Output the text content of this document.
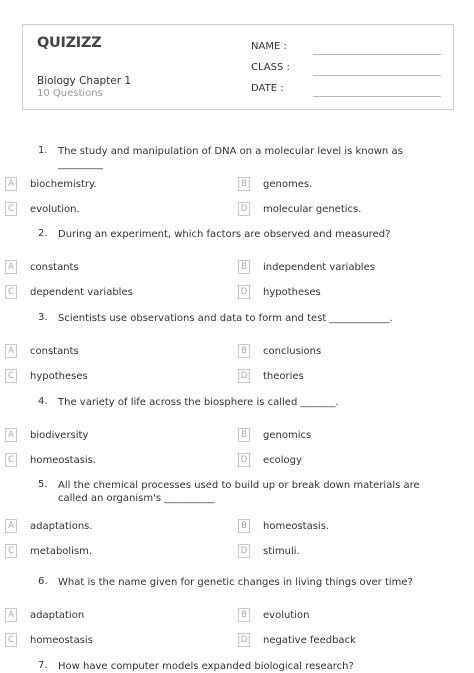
QUIZIZZ
Biology Chapter 1
10 Questions
NAME :
CLASS :
DATE :
1. The study and manipulation of DNA on a molecular level is known as _________
A	biochemistry.	B	genomes.
C	evolution.	D molecular genetics.
2. During an experiment, which factors are observed and measured?
A	constants	B	independent variables
C	dependent variables	D hypotheses
3. Scientists use observations and data to form and test ____________.
A	constants	B	conclusions
C	hypotheses	D theories
4. The variety of life across the biosphere is called _______.
A	biodiversity	B	genomics
C	homeostasis.	D ecology
5. All the chemical processes used to build up or break down materials are called an organism's __________
A	adaptations.	B	homeostasis.
C	metabolism.	D stimuli.
6. What is the name given for genetic changes in living things over time?
A	adaptation	B	evolution
C	homeostasis	D negative feedback
7. How have computer models expanded biological research?
